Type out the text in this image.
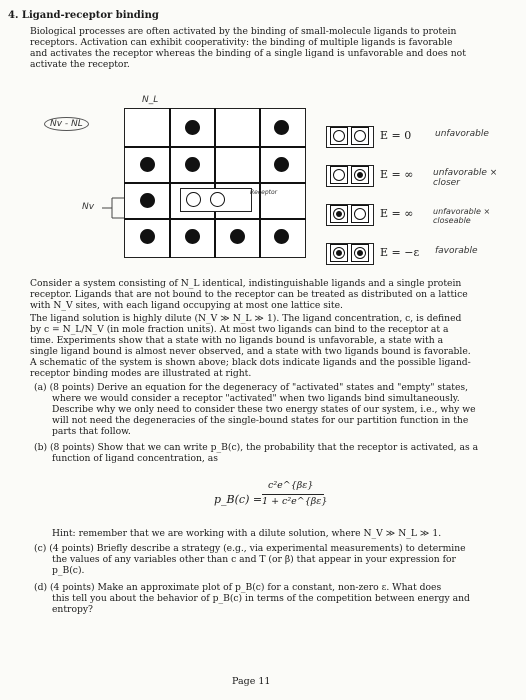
4. Ligand-receptor binding

Biological processes are often activated by the binding of small-molecule ligands to protein

receptors. Activation can exhibit cooperativity: the binding of multiple ligands is favorable

and activates the receptor whereas the binding of a single ligand is unfavorable and does not

activate the receptor.

N_L
Nv - NL
Nv
Receptor
E = 0	unfavorable
E = ∞ unfavorable × closer
E = ∞ unfavorable × closeable
E = −ε favorable

Consider a system consisting of N_L identical, indistinguishable ligands and a single protein

receptor. Ligands that are not bound to the receptor can be treated as distributed on a lattice

with N_V sites, with each ligand occupying at most one lattice site.

The ligand solution is highly dilute (N_V ≫ N_L ≫ 1). The ligand concentration, c, is defined

by c = N_L/N_V (in mole fraction units). At most two ligands can bind to the receptor at a

time. Experiments show that a state with no ligands bound is unfavorable, a state with a

single ligand bound is almost never observed, and a state with two ligands bound is favorable.

A schematic of the system is shown above; black dots indicate ligands and the possible ligand-

receptor binding modes are illustrated at right.

(a) (8 points) Derive an equation for the degeneracy of "activated" states and "empty" states,

where we would consider a receptor "activated" when two ligands bind simultaneously.

Describe why we only need to consider these two energy states of our system, i.e., why we

will not need the degeneracies of the single-bound states for our partition function in the

parts that follow.

(b) (8 points) Show that we can write p_B(c), the probability that the receptor is activated, as a

function of ligand concentration, as

p_B(c) =
c²e^{βε}
1 + c²e^{βε}

Hint: remember that we are working with a dilute solution, where N_V ≫ N_L ≫ 1.

(c) (4 points) Briefly describe a strategy (e.g., via experimental measurements) to determine

the values of any variables other than c and T (or β) that appear in your expression for

p_B(c).

(d) (4 points) Make an approximate plot of p_B(c) for a constant, non-zero ε. What does

this tell you about the behavior of p_B(c) in terms of the competition between energy and

entropy?

Page 11
